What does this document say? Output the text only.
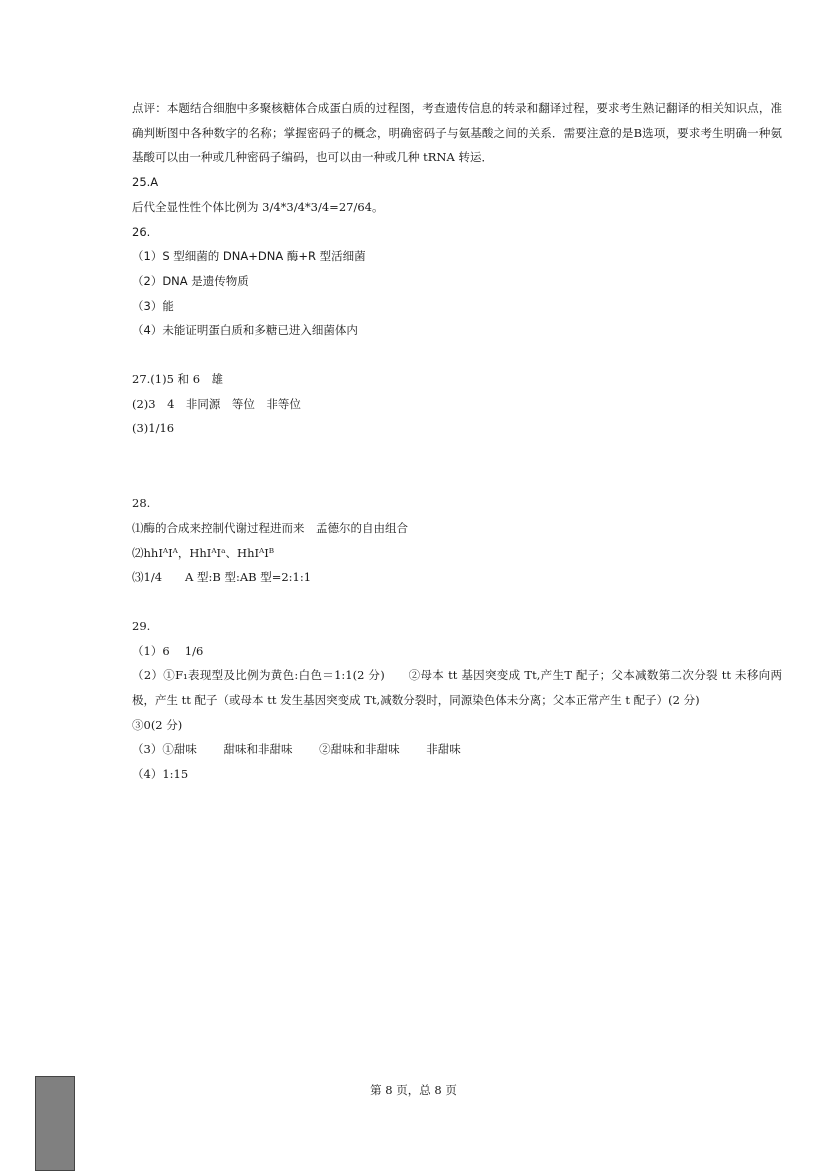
点评：本题结合细胞中多聚核糖体合成蛋白质的过程图，考查遗传信息的转录和翻译过程，要求考生熟记翻译的相关知识点，准确判断图中各种数字的名称；掌握密码子的概念，明确密码子与氨基酸之间的关系．需要注意的是B选项，要求考生明确一种氨基酸可以由一种或几种密码子编码，也可以由一种或几种 tRNA 转运．
25.A
后代全显性性个体比例为 3/4*3/4*3/4=27/64。
26.
（1）S 型细菌的 DNA+DNA 酶+R 型活细菌
（2）DNA 是遗传物质
（3）能
（4）未能证明蛋白质和多糖已进入细菌体内
27.(1)5 和 6　雄
(2)3　4　非同源　等位　非等位
(3)1/16
28.
⑴酶的合成来控制代谢过程进而来　孟德尔的自由组合
⑵hhⅠᴬⅠᴬ，HhⅠᴬⅠᵃ、HhⅠᴬⅠᴮ
⑶1/4　　A 型:B 型:AB 型=2:1:1
29.
（1）6　 1/6
（2）①F₁表现型及比例为黄色:白色＝1:1(2 分)　　②母本 tt 基因突变成 Tt,产生T 配子；父本减数第二次分裂 tt 未移向两极，产生 tt 配子（或母本 tt 发生基因突变成 Tt,减数分裂时，同源染色体未分离；父本正常产生 t 配子）(2 分)
③0(2 分)
（3）①甜味　　 甜味和非甜味　　 ②甜味和非甜味　　 非甜味
（4）1:15
第 8 页，总 8 页
